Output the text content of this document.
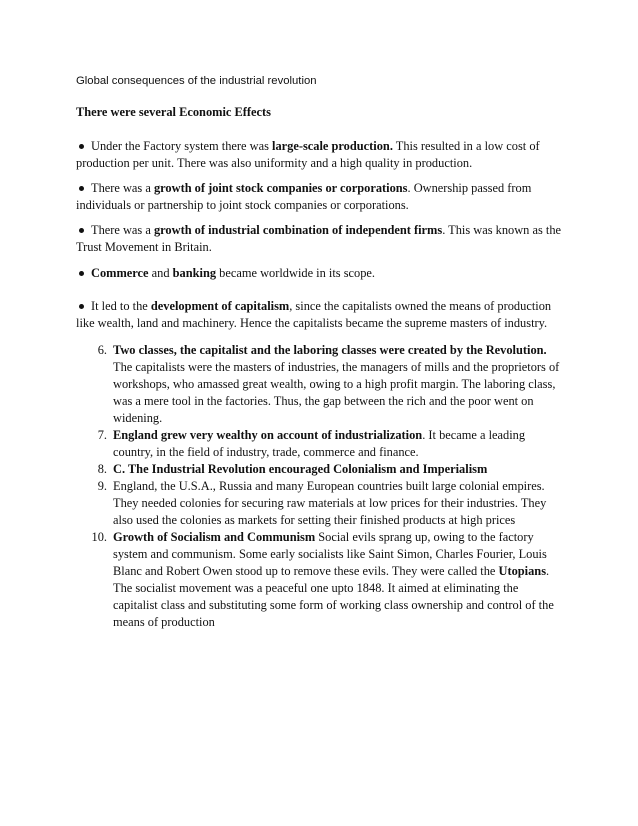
Global consequences of the industrial revolution
There were several Economic Effects

Under the Factory system there was large-scale production. This resulted in a low cost of production per unit. There was also uniformity and a high quality in production.

There was a growth of joint stock companies or corporations. Ownership passed from individuals or partnership to joint stock companies or corporations.

There was a growth of industrial combination of independent firms. This was known as the Trust Movement in Britain.

Commerce and banking became worldwide in its scope.

It led to the development of capitalism, since the capitalists owned the means of production like wealth, land and machinery. Hence the capitalists became the supreme masters of industry.

6. Two classes, the capitalist and the laboring classes were created by the Revolution. The capitalists were the masters of industries, the managers of mills and the proprietors of workshops, who amassed great wealth, owing to a high profit margin. The laboring class, was a mere tool in the factories. Thus, the gap between the rich and the poor went on widening.
7. England grew very wealthy on account of industrialization. It became a leading country, in the field of industry, trade, commerce and finance.
8. C. The Industrial Revolution encouraged Colonialism and Imperialism
9. England, the U.S.A., Russia and many European countries built large colonial empires. They needed colonies for securing raw materials at low prices for their industries. They also used the colonies as markets for setting their finished products at high prices
10. Growth of Socialism and Communism Social evils sprang up, owing to the factory system and communism. Some early socialists like Saint Simon, Charles Fourier, Louis Blanc and Robert Owen stood up to remove these evils. They were called the Utopians. The socialist movement was a peaceful one upto 1848. It aimed at eliminating the capitalist class and substituting some form of working class ownership and control of the means of production
